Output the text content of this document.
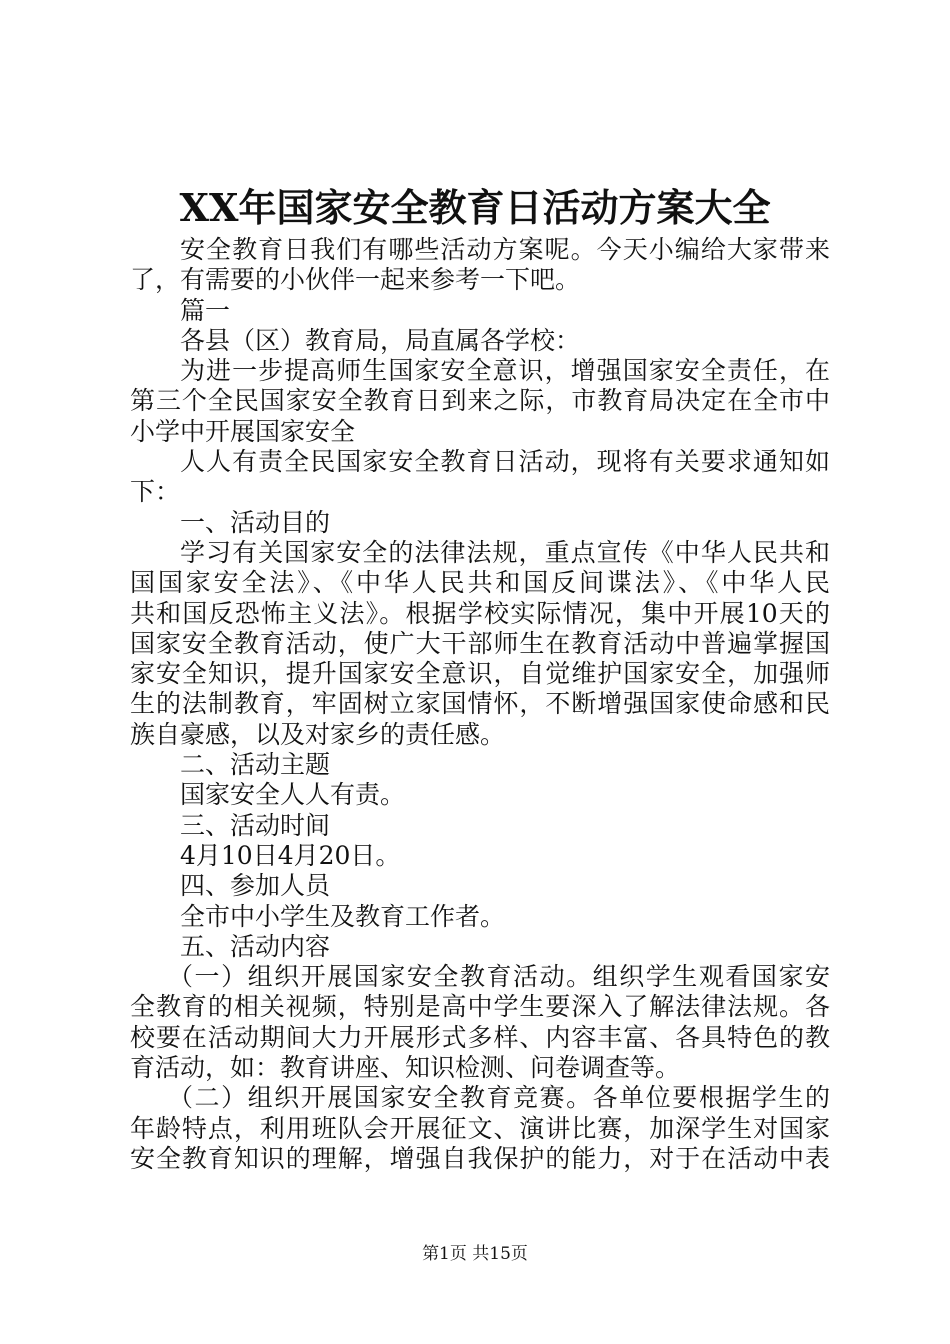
XX年国家安全教育日活动方案大全
安全教育日我们有哪些活动方案呢。今天小编给大家带来
了，有需要的小伙伴一起来参考一下吧。
篇一
各县（区）教育局，局直属各学校：
为进一步提高师生国家安全意识，增强国家安全责任，在
第三个全民国家安全教育日到来之际，市教育局决定在全市中
小学中开展国家安全
人人有责全民国家安全教育日活动，现将有关要求通知如
下：
一、活动目的
学习有关国家安全的法律法规，重点宣传《中华人民共和
国国家安全法》、《中华人民共和国反间谍法》、《中华人民
共和国反恐怖主义法》。根据学校实际情况，集中开展10天的
国家安全教育活动，使广大干部师生在教育活动中普遍掌握国
家安全知识，提升国家安全意识，自觉维护国家安全，加强师
生的法制教育，牢固树立家国情怀，不断增强国家使命感和民
族自豪感，以及对家乡的责任感。
二、活动主题
国家安全人人有责。
三、活动时间
4月10日4月20日。
四、参加人员
全市中小学生及教育工作者。
五、活动内容
（一）组织开展国家安全教育活动。组织学生观看国家安
全教育的相关视频，特别是高中学生要深入了解法律法规。各
校要在活动期间大力开展形式多样、内容丰富、各具特色的教
育活动，如：教育讲座、知识检测、问卷调查等。
（二）组织开展国家安全教育竞赛。各单位要根据学生的
年龄特点，利用班队会开展征文、演讲比赛，加深学生对国家
安全教育知识的理解，增强自我保护的能力，对于在活动中表
第1页 共15页
